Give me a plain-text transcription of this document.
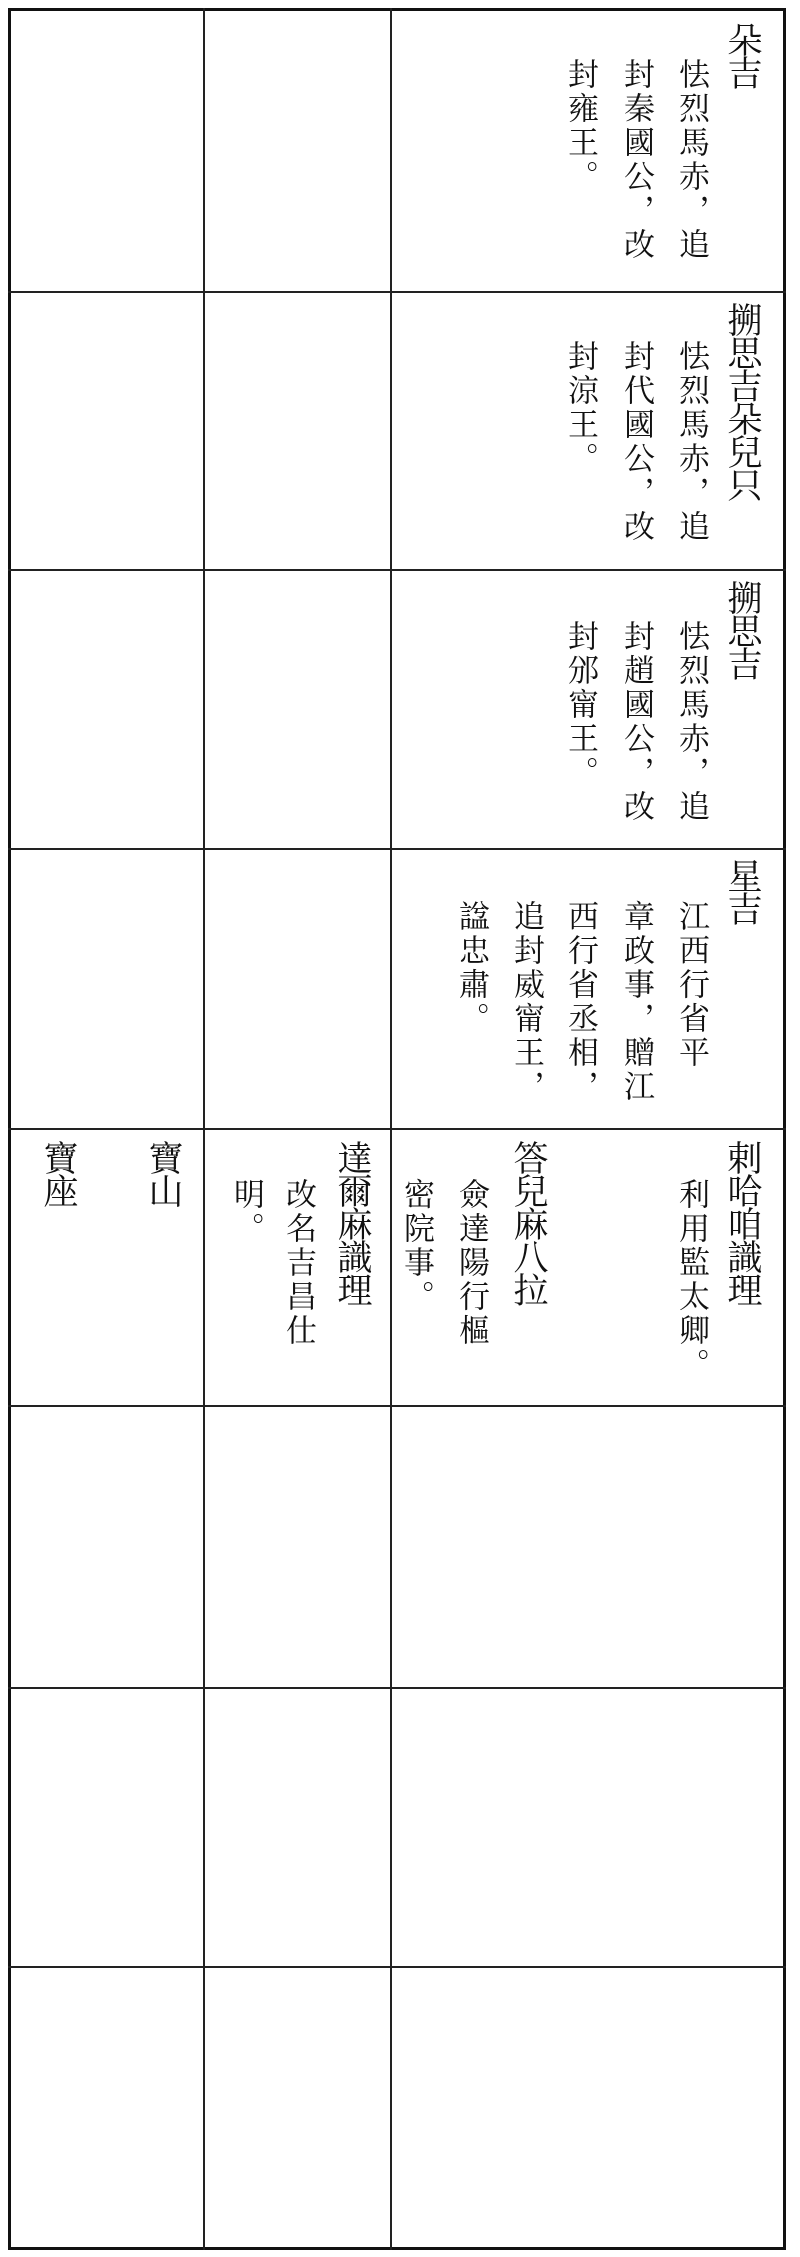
朵吉
怯烈馬赤，追
封秦國公，改
封雍王。
搠思吉朵兒只
怯烈馬赤，追
封代國公，改
封涼王。
搠思吉
怯烈馬赤，追
封趙國公，改
封邠甯王。
星吉
江西行省平
章政事，贈江
西行省丞相，
追封威甯王，
諡忠肅。
剌哈咱識理
利用監太卿。
答兒麻八拉
僉達陽行樞
密院事。
達爾麻識理
改名吉昌仕
明。
寶山
寶座
